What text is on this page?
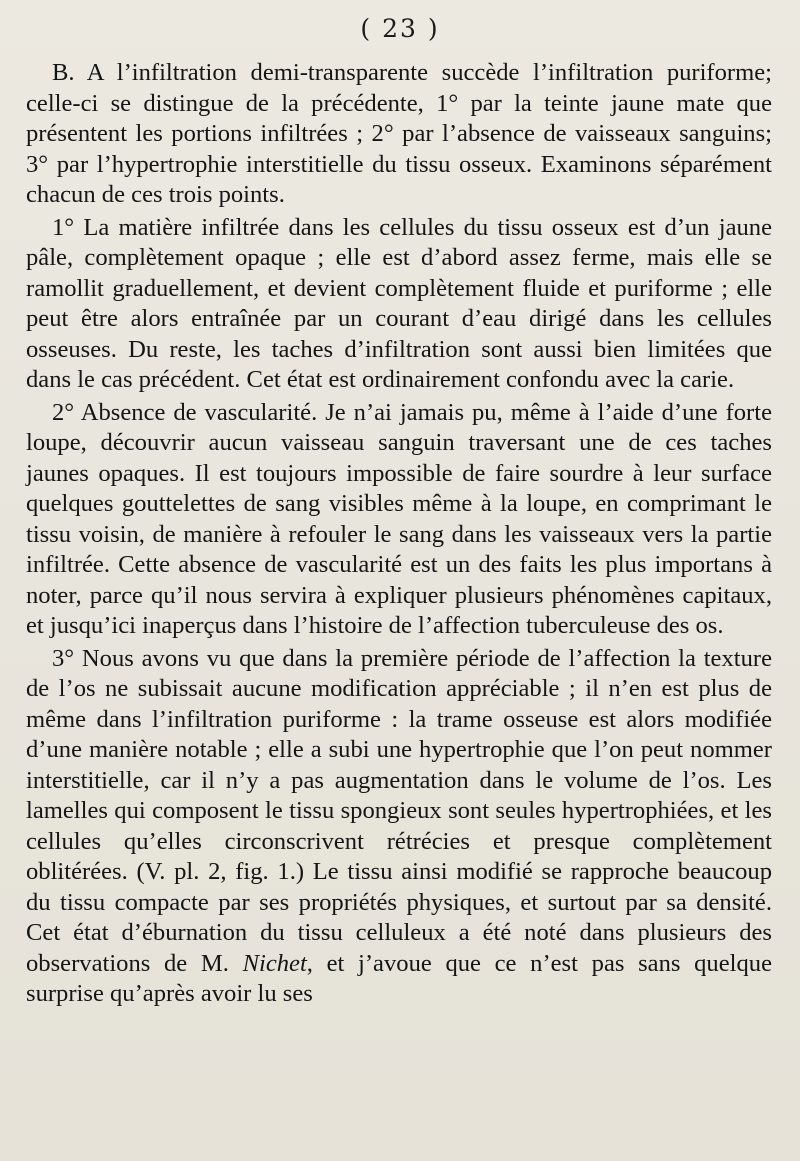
( 23 )

B. A l’infiltration demi-transparente succède l’infiltration puriforme; celle-ci se distingue de la précédente, 1° par la teinte jaune mate que présentent les portions infiltrées ; 2° par l’absence de vaisseaux sanguins; 3° par l’hypertrophie interstitielle du tissu osseux. Examinons séparément chacun de ces trois points.

1° La matière infiltrée dans les cellules du tissu osseux est d’un jaune pâle, complètement opaque ; elle est d’abord assez ferme, mais elle se ramollit graduellement, et devient complètement fluide et puriforme ; elle peut être alors entraînée par un courant d’eau dirigé dans les cellules osseuses. Du reste, les taches d’infiltration sont aussi bien limitées que dans le cas précédent. Cet état est ordinairement confondu avec la carie.

2° Absence de vascularité. Je n’ai jamais pu, même à l’aide d’une forte loupe, découvrir aucun vaisseau sanguin traversant une de ces taches jaunes opaques. Il est toujours impossible de faire sourdre à leur surface quelques gouttelettes de sang visibles même à la loupe, en comprimant le tissu voisin, de manière à refouler le sang dans les vaisseaux vers la partie infiltrée. Cette absence de vascularité est un des faits les plus importans à noter, parce qu’il nous servira à expliquer plusieurs phénomènes capitaux, et jusqu’ici inaperçus dans l’histoire de l’affection tuberculeuse des os.

3° Nous avons vu que dans la première période de l’affection la texture de l’os ne subissait aucune modification appréciable ; il n’en est plus de même dans l’infiltration puriforme : la trame osseuse est alors modifiée d’une manière notable ; elle a subi une hypertrophie que l’on peut nommer interstitielle, car il n’y a pas augmentation dans le volume de l’os. Les lamelles qui composent le tissu spongieux sont seules hypertrophiées, et les cellules qu’elles circonscrivent rétrécies et presque complètement oblitérées. (V. pl. 2, fig. 1.) Le tissu ainsi modifié se rapproche beaucoup du tissu compacte par ses propriétés physiques, et surtout par sa densité. Cet état d’éburnation du tissu celluleux a été noté dans plusieurs des observations de M. Nichet, et j’avoue que ce n’est pas sans quelque surprise qu’après avoir lu ses
